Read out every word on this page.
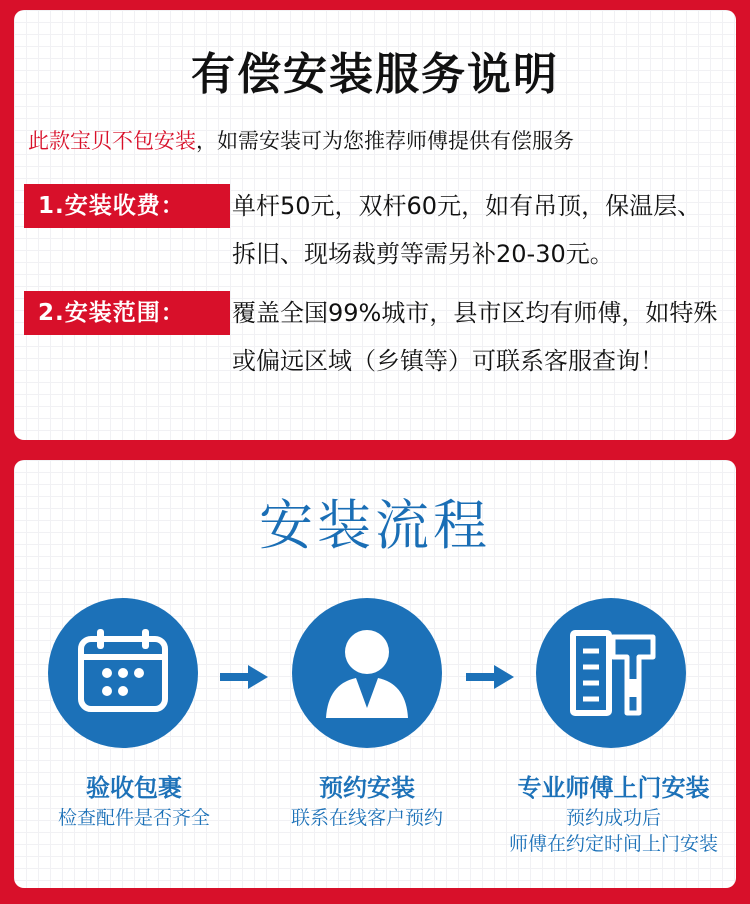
有偿安装服务说明
此款宝贝不包安装，如需安装可为您推荐师傅提供有偿服务
1.安装收费：	单杆50元，双杆60元，如有吊顶，保温层、拆旧、现场裁剪等需另补20-30元。
2.安装范围：	覆盖全国99%城市，县市区均有师傅，如特殊或偏远区域（乡镇等）可联系客服查询！
安装流程
验收包裹
检查配件是否齐全
预约安装
联系在线客户预约
专业师傅上门安装
预约成功后
师傅在约定时间上门安装
